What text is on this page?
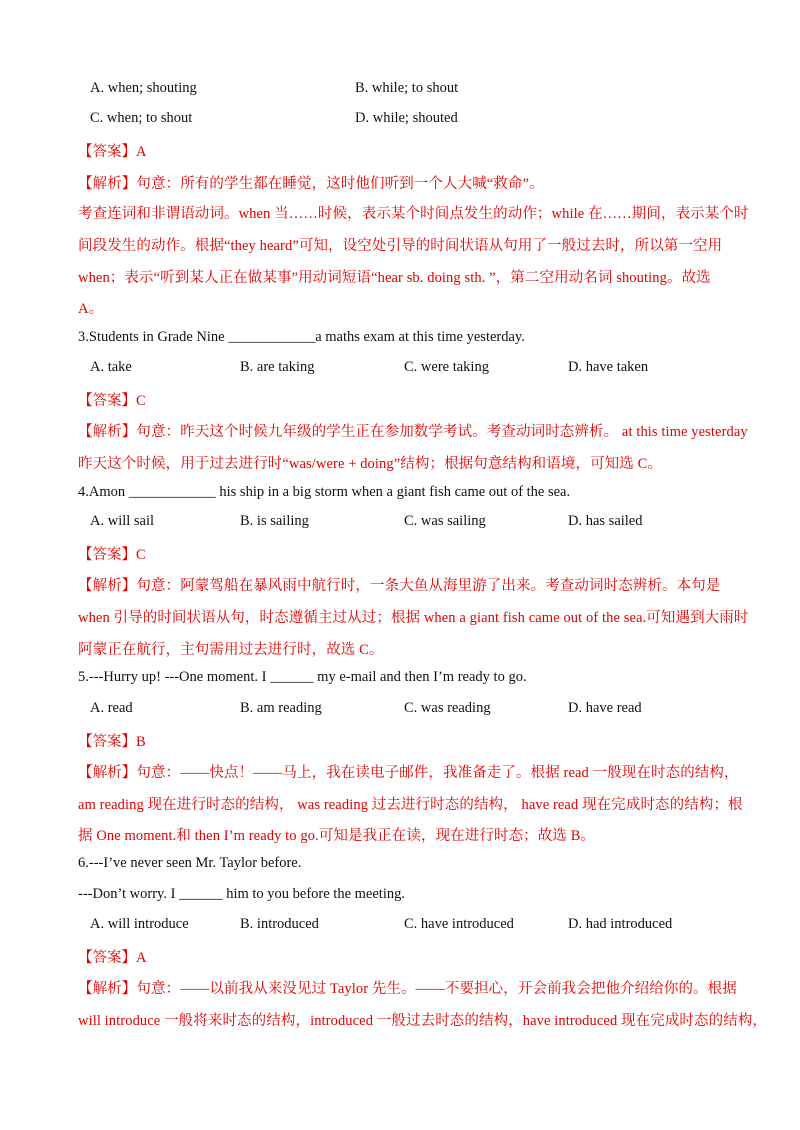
A. when; shouting	B. while; to shout
C. when; to shout	D. while; shouted
【答案】A
【解析】句意：所有的学生都在睡觉，这时他们听到一个人大喊“救命”。
考查连词和非谓语动词。when 当……时候，表示某个时间点发生的动作；while 在……期间，表示某个时
间段发生的动作。根据“they heard”可知，设空处引导的时间状语从句用了一般过去时，所以第一空用
when；表示“听到某人正在做某事”用动词短语“hear sb. doing sth. ”，第二空用动名词 shouting。故选
A。
3.Students in Grade Nine ____________a maths exam at this time yesterday.
A. take	B. are taking	C. were taking	D. have taken
【答案】C
【解析】句意：昨天这个时候九年级的学生正在参加数学考试。考查动词时态辨析。 at this time yesterday
昨天这个时候，用于过去进行时“was/were + doing”结构；根据句意结构和语境，可知选 C。
4.Amon ____________ his ship in a big storm when a giant fish came out of the sea.
A. will sail	B. is sailing	C. was sailing	D. has sailed
【答案】C
【解析】句意：阿蒙驾船在暴风雨中航行时，一条大鱼从海里游了出来。考查动词时态辨析。本句是
when 引导的时间状语从句，时态遵循主过从过；根据 when a giant fish came out of the sea.可知遇到大雨时
阿蒙正在航行，主句需用过去进行时，故选 C。
5.---Hurry up! ---One moment. I ______ my e-mail and then I’m ready to go.
A. read	B. am reading	C. was reading	D. have read
【答案】B
【解析】句意：——快点！——马上，我在读电子邮件，我准备走了。根据 read 一般现在时态的结构，
am reading 现在进行时态的结构， was reading 过去进行时态的结构， have read 现在完成时态的结构；根
据 One moment.和 then I’m ready to go.可知是我正在读，现在进行时态；故选 B。
6.---I’ve never seen Mr. Taylor before.
---Don’t worry. I ______ him to you before the meeting.
A. will introduce	B. introduced	C. have introduced	D. had introduced
【答案】A
【解析】句意：——以前我从来没见过 Taylor 先生。——不要担心，开会前我会把他介绍给你的。根据
will introduce 一般将来时态的结构，introduced 一般过去时态的结构，have introduced 现在完成时态的结构，
